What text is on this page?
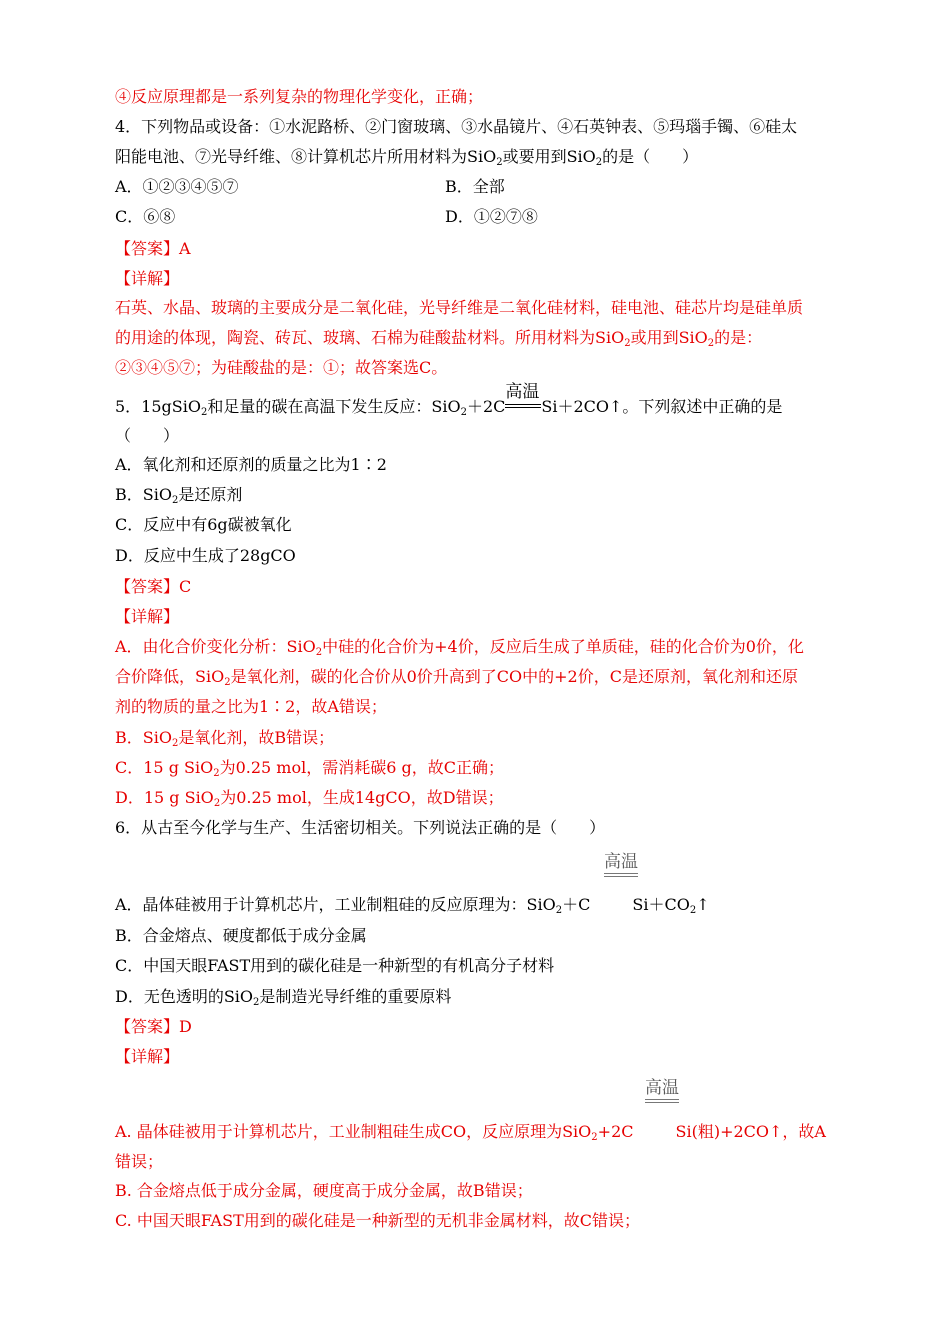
④反应原理都是一系列复杂的物理化学变化，正确；
4．下列物品或设备：①水泥路桥、②门窗玻璃、③水晶镜片、④石英钟表、⑤玛瑙手镯、⑥硅太
阳能电池、⑦光导纤维、⑧计算机芯片所用材料为SiO$_2$或要用到SiO$_2$的是（　　）
A．①②③④⑤⑦	B．全部
C．⑥⑧	D．①②⑦⑧
【答案】A
【详解】
石英、水晶、玻璃的主要成分是二氧化硅，光导纤维是二氧化硅材料，硅电池、硅芯片均是硅单质
的用途的体现，陶瓷、砖瓦、玻璃、石棉为硅酸盐材料。所用材料为SiO$_2$或用到SiO$_2$的是：
②③④⑤⑦；为硅酸盐的是：①；故答案选C。
5．15gSiO$_2$和足量的碳在高温下发生反应：SiO$_2$＋2C
高温
Si＋2CO↑。下列叙述中正确的是
（　　）
A．氧化剂和还原剂的质量之比为1∶2
B．SiO$_2$是还原剂
C．反应中有6g碳被氧化
D．反应中生成了28gCO
【答案】C
【详解】
A．由化合价变化分析：SiO$_2$中硅的化合价为+4价，反应后生成了单质硅，硅的化合价为0价，化
合价降低，SiO$_2$是氧化剂，碳的化合价从0价升高到了CO中的+2价，C是还原剂，氧化剂和还原
剂的物质的量之比为1∶2，故A错误；
B．SiO$_2$是氧化剂，故B错误；
C．15 g SiO$_2$为0.25 mol，需消耗碳6 g，故C正确；
D．15 g SiO$_2$为0.25 mol，生成14gCO，故D错误；
6．从古至今化学与生产、生活密切相关。下列说法正确的是（　　）
高温
A．晶体硅被用于计算机芯片，工业制粗硅的反应原理为：SiO$_2$＋C	$Si+CO_2↑$
B．合金熔点、硬度都低于成分金属
C．中国天眼FAST用到的碳化硅是一种新型的有机高分子材料
D．无色透明的SiO$_2$是制造光导纤维的重要原料
【答案】D
【详解】
高温
A. 晶体硅被用于计算机芯片，工业制粗硅生成CO，反应原理为SiO$_2$+2C	Si(粗)+2CO↑，故A
错误；
B. 合金熔点低于成分金属，硬度高于成分金属，故B错误；
C. 中国天眼FAST用到的碳化硅是一种新型的无机非金属材料，故C错误；
